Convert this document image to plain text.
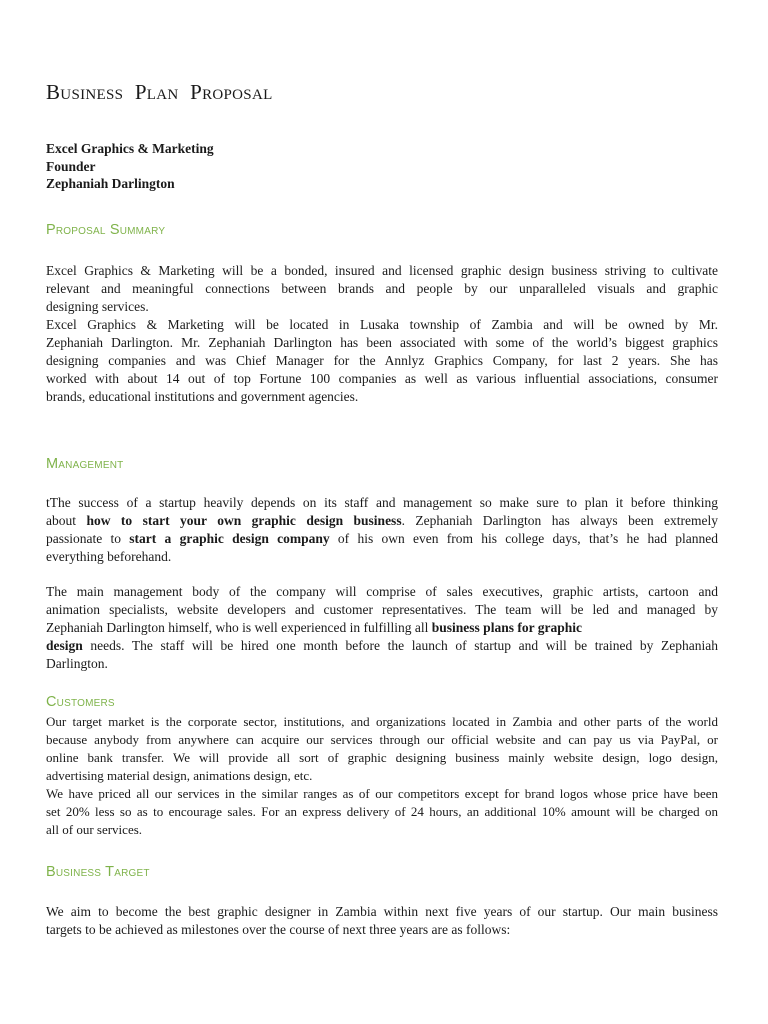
Business Plan Proposal
Excel Graphics & Marketing
Founder
Zephaniah Darlington
Proposal Summary
Excel Graphics & Marketing will be a bonded, insured and licensed graphic design business striving to cultivate
relevant and meaningful connections between brands and people by our unparalleled visuals and graphic
designing services.
Excel Graphics & Marketing will be located in Lusaka township of Zambia and will be owned by Mr.
Zephaniah Darlington. Mr. Zephaniah Darlington has been associated with some of the world’s biggest graphics
designing companies and was Chief Manager for the Annlyz Graphics Company, for last 2 years. She has
worked with about 14 out of top Fortune 100 companies as well as various influential associations, consumer
brands, educational institutions and government agencies.
Management
tThe success of a startup heavily depends on its staff and management so make sure to plan it before thinking
about how to start your own graphic design business. Zephaniah Darlington has always been extremely
passionate to start a graphic design company of his own even from his college days, that’s he had planned
everything beforehand.
The main management body of the company will comprise of sales executives, graphic artists, cartoon and
animation specialists, website developers and customer representatives. The team will be led and managed by
Zephaniah Darlington himself, who is well experienced in fulfilling all business plans for graphic
design needs. The staff will be hired one month before the launch of startup and will be trained by Zephaniah
Darlington.
Customers
Our target market is the corporate sector, institutions, and organizations located in Zambia and other parts of the world
because anybody from anywhere can acquire our services through our official website and can pay us via PayPal, or
online bank transfer. We will provide all sort of graphic designing business mainly website design, logo design,
advertising material design, animations design, etc.
We have priced all our services in the similar ranges as of our competitors except for brand logos whose price have been
set 20% less so as to encourage sales. For an express delivery of 24 hours, an additional 10% amount will be charged on
all of our services.
Business Target
We aim to become the best graphic designer in Zambia within next five years of our startup. Our main business
targets to be achieved as milestones over the course of next three years are as follows:
